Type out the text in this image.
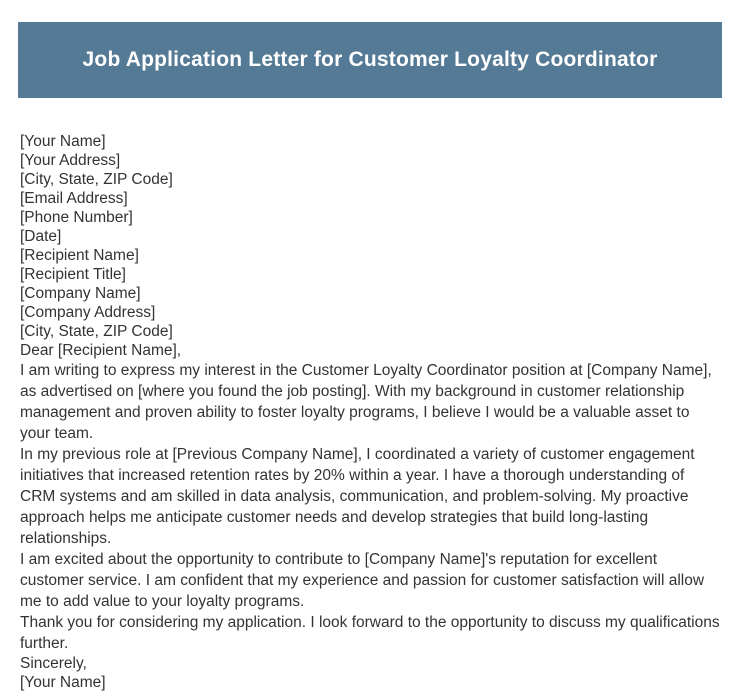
Job Application Letter for Customer Loyalty Coordinator
[Your Name]
[Your Address]
[City, State, ZIP Code]
[Email Address]
[Phone Number]
[Date]
[Recipient Name]
[Recipient Title]
[Company Name]
[Company Address]
[City, State, ZIP Code]
Dear [Recipient Name],

I am writing to express my interest in the Customer Loyalty Coordinator position at [Company Name], as advertised on [where you found the job posting]. With my background in customer relationship management and proven ability to foster loyalty programs, I believe I would be a valuable asset to your team.

In my previous role at [Previous Company Name], I coordinated a variety of customer engagement initiatives that increased retention rates by 20% within a year. I have a thorough understanding of CRM systems and am skilled in data analysis, communication, and problem-solving. My proactive approach helps me anticipate customer needs and develop strategies that build long-lasting relationships.

I am excited about the opportunity to contribute to [Company Name]'s reputation for excellent customer service. I am confident that my experience and passion for customer satisfaction will allow me to add value to your loyalty programs.

Thank you for considering my application. I look forward to the opportunity to discuss my qualifications further.

Sincerely,
[Your Name]
